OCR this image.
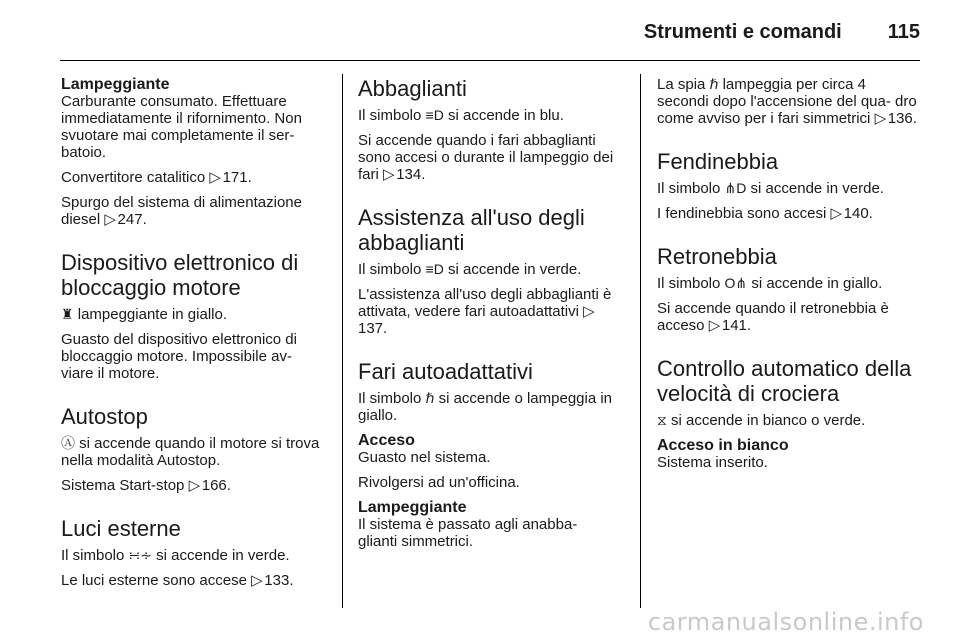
Strumenti e comandi 115
Lampeggiante

Carburante consumato. Effettuare immediatamente il rifornimento. Non svuotare mai completamente il ser- batoio.

Convertitore catalitico ▷ 171.

Spurgo del sistema di alimentazione diesel ▷ 247.

Dispositivo elettronico di bloccaggio motore

♜ lampeggiante in giallo.

Guasto del dispositivo elettronico di bloccaggio motore. Impossibile av- viare il motore.

Autostop

Ⓐ si accende quando il motore si trova nella modalità Autostop.

Sistema Start-stop ▷ 166.

Luci esterne

Il simbolo ∺∻ si accende in verde.

Le luci esterne sono accese ▷ 133.

Abbaglianti

Il simbolo ≡D si accende in blu.

Si accende quando i fari abbaglianti sono accesi o durante il lampeggio dei fari ▷ 134.

Assistenza all'uso degli abbaglianti

Il simbolo ≡D si accende in verde.

L'assistenza all'uso degli abbaglianti è attivata, vedere fari autoadattativi ▷ 137.

Fari autoadattativi

Il simbolo ℏ si accende o lampeggia in giallo.

Acceso

Guasto nel sistema.

Rivolgersi ad un'officina.

Lampeggiante

Il sistema è passato agli anabba- glianti simmetrici.

La spia ℏ lampeggia per circa 4 secondi dopo l'accensione del qua- dro come avviso per i fari simmetrici ▷ 136.

Fendinebbia

Il simbolo ⋔D si accende in verde.

I fendinebbia sono accesi ▷ 140.

Retronebbia

Il simbolo O⋔ si accende in giallo.

Si accende quando il retronebbia è acceso ▷ 141.

Controllo automatico della velocità di crociera

⧖ si accende in bianco o verde.

Acceso in bianco

Sistema inserito.

carmanualsonline.info
